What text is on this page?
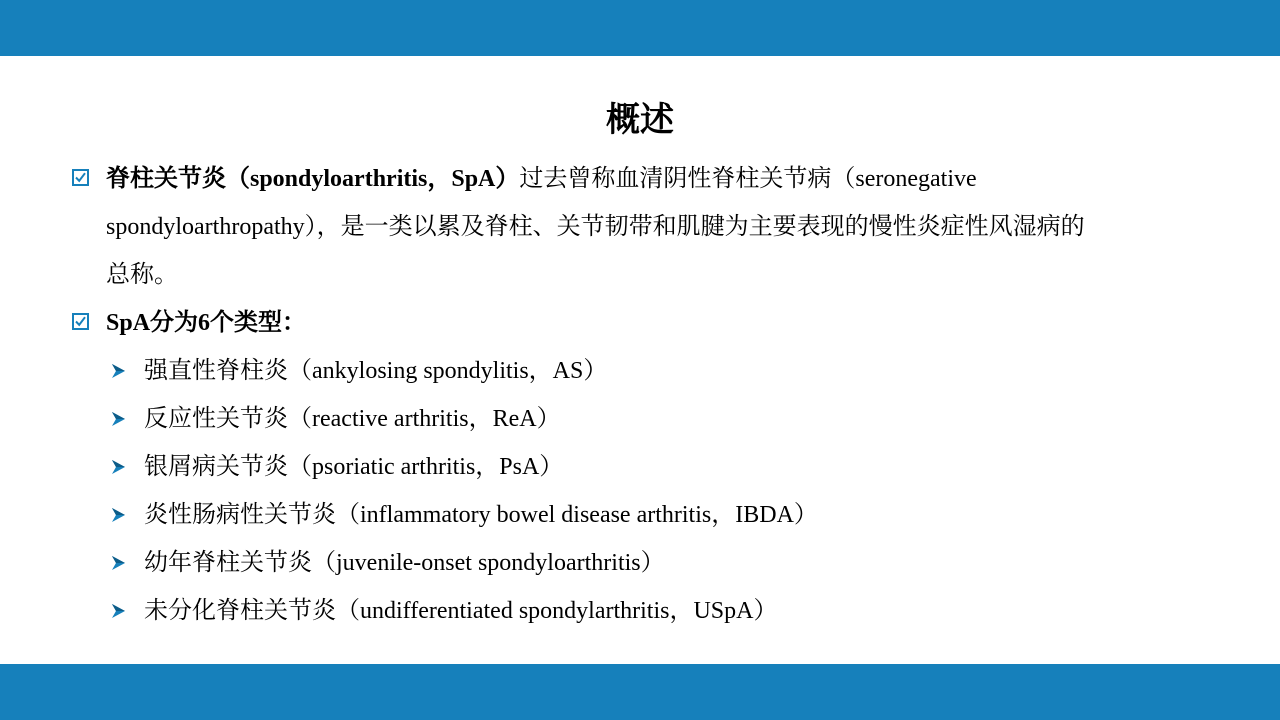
概述

脊柱关节炎（spondyloarthritis，SpA）过去曾称血清阴性脊柱关节病（seronegative
spondyloarthropathy），是一类以累及脊柱、关节韧带和肌腱为主要表现的慢性炎症性风湿病的
总称。

SpA分为6个类型：

强直性脊柱炎（ankylosing spondylitis，AS）
反应性关节炎（reactive arthritis，ReA）
银屑病关节炎（psoriatic arthritis，PsA）
炎性肠病性关节炎（inflammatory bowel disease arthritis，IBDA）
幼年脊柱关节炎（juvenile-onset spondyloarthritis）
未分化脊柱关节炎（undifferentiated spondylarthritis，USpA）
